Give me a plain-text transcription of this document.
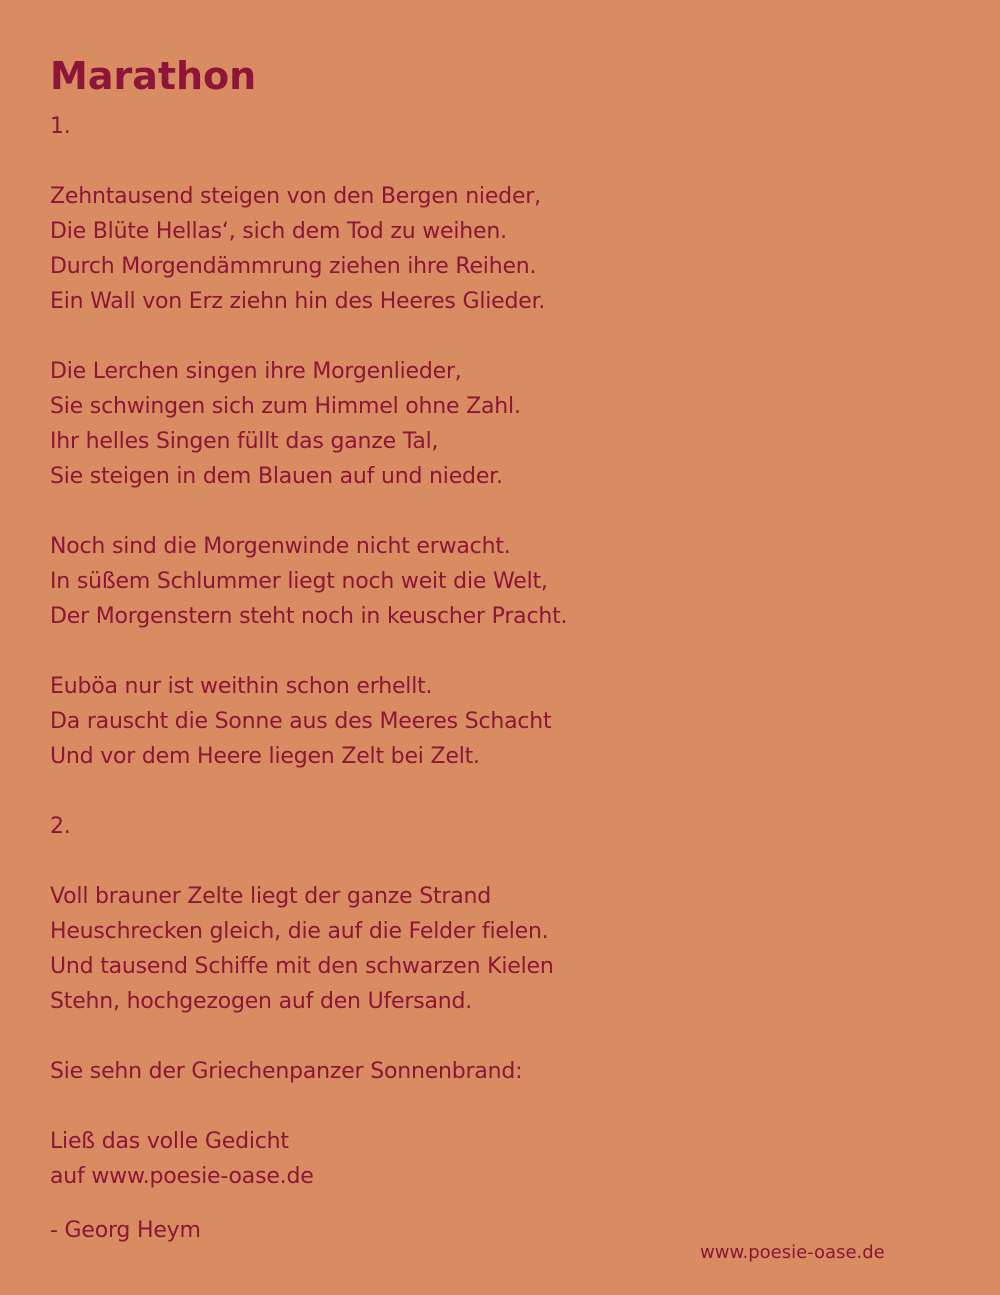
Marathon
1.
Zehntausend steigen von den Bergen nieder,
Die Blüte Hellas‘, sich dem Tod zu weihen.
Durch Morgendämmrung ziehen ihre Reihen.
Ein Wall von Erz ziehn hin des Heeres Glieder.
Die Lerchen singen ihre Morgenlieder,
Sie schwingen sich zum Himmel ohne Zahl.
Ihr helles Singen füllt das ganze Tal,
Sie steigen in dem Blauen auf und nieder.
Noch sind die Morgenwinde nicht erwacht.
In süßem Schlummer liegt noch weit die Welt,
Der Morgenstern steht noch in keuscher Pracht.
Euböa nur ist weithin schon erhellt.
Da rauscht die Sonne aus des Meeres Schacht
Und vor dem Heere liegen Zelt bei Zelt.
2.
Voll brauner Zelte liegt der ganze Strand
Heuschrecken gleich, die auf die Felder fielen.
Und tausend Schiffe mit den schwarzen Kielen
Stehn, hochgezogen auf den Ufersand.
Sie sehn der Griechenpanzer Sonnenbrand:
Ließ das volle Gedicht
auf www.poesie-oase.de
- Georg Heym
www.poesie-oase.de
